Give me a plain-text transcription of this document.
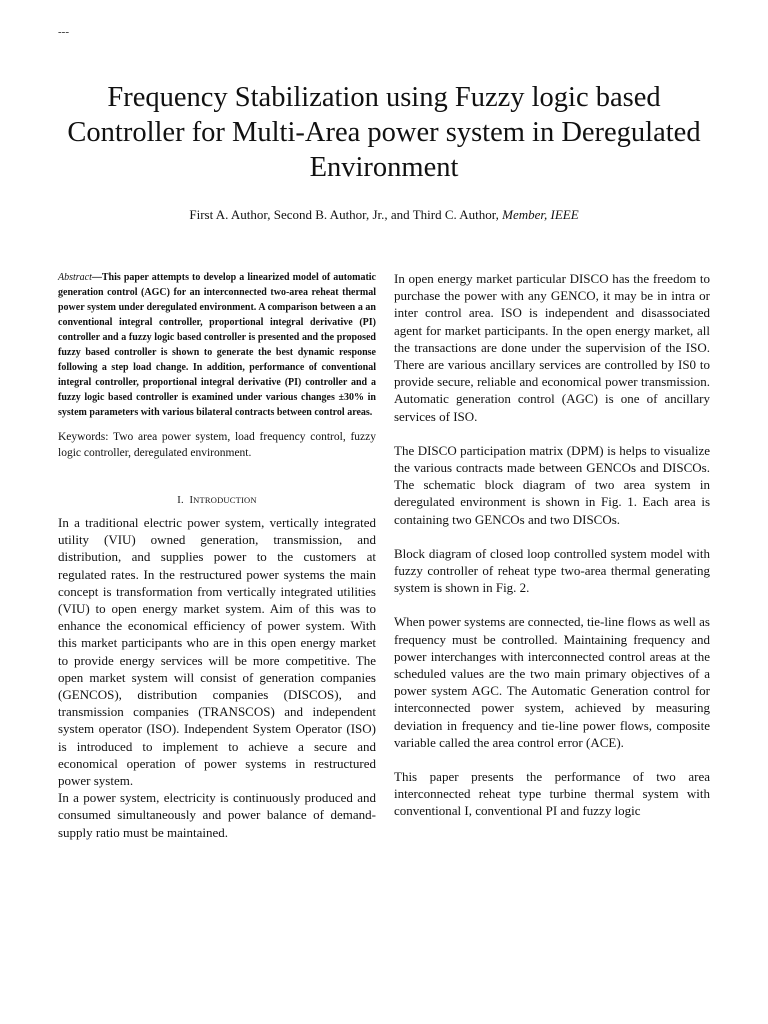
---
Frequency Stabilization using Fuzzy logic based Controller for Multi-Area power system in Deregulated Environment
First A. Author, Second B. Author, Jr., and Third C. Author, Member, IEEE

Abstract—This paper attempts to develop a linearized model of automatic generation control (AGC) for an interconnected two-area reheat thermal power system under deregulated environment. A comparison between a an conventional integral controller, proportional integral derivative (PI) controller and a fuzzy logic based controller is presented and the proposed fuzzy based controller is shown to generate the best dynamic response following a step load change. In addition, performance of conventional integral controller, proportional integral derivative (PI) controller and a fuzzy logic based controller is examined under various changes ±30% in system parameters with various bilateral contracts between control areas.

Keywords: Two area power system, load frequency control, fuzzy logic controller, deregulated environment.

I. INTRODUCTION

In a traditional electric power system, vertically integrated utility (VIU) owned generation, transmission, and distribution, and supplies power to the customers at regulated rates. In the restructured power systems the main concept is transformation from vertically integrated utilities (VIU) to open energy market system. Aim of this was to enhance the economical efficiency of power system. With this market participants who are in this open energy market to provide energy services will be more competitive. The open market system will consist of generation companies (GENCOS), distribution companies (DISCOS), and transmission companies (TRANSCOS) and independent system operator (ISO). Independent System Operator (ISO) is introduced to implement to achieve a secure and economical operation of power systems in restructured power system.

In a power system, electricity is continuously produced and consumed simultaneously and power balance of demand-supply ratio must be maintained.

In open energy market particular DISCO has the freedom to purchase the power with any GENCO, it may be in intra or inter control area. ISO is independent and disassociated agent for market participants. In the open energy market, all the transactions are done under the supervision of the ISO. There are various ancillary services are controlled by IS0 to provide secure, reliable and economical power transmission. Automatic generation control (AGC) is one of ancillary services of ISO.

The DISCO participation matrix (DPM) is helps to visualize the various contracts made between GENCOs and DISCOs. The schematic block diagram of two area system in deregulated environment is shown in Fig. 1. Each area is containing two GENCOs and two DISCOs.

Block diagram of closed loop controlled system model with fuzzy controller of reheat type two-area thermal generating system is shown in Fig. 2.

When power systems are connected, tie-line flows as well as frequency must be controlled. Maintaining frequency and power interchanges with interconnected control areas at the scheduled values are the two main primary objectives of a power system AGC. The Automatic Generation control for interconnected power system, achieved by measuring deviation in frequency and tie-line power flows, composite variable called the area control error (ACE).

This paper presents the performance of two area interconnected reheat type turbine thermal system with conventional I, conventional PI and fuzzy logic
